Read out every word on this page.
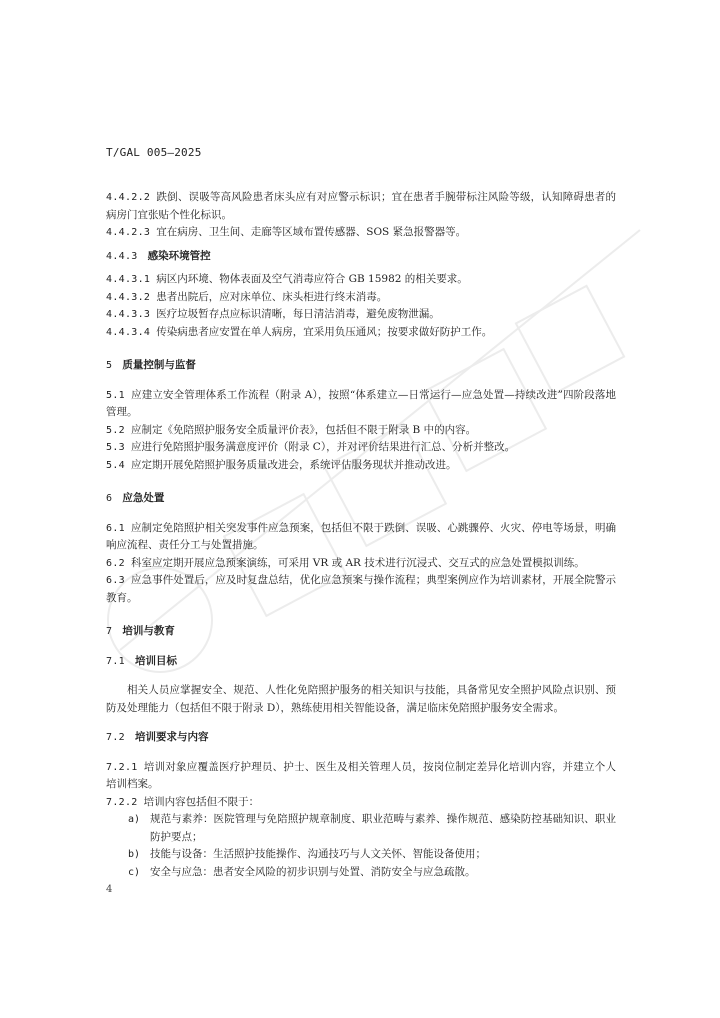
T/GAL 005—2025

4.4.2.2 跌倒、误吸等高风险患者床头应有对应警示标识；宜在患者手腕带标注风险等级，认知障碍患者的病房门宜张贴个性化标识。

4.4.2.3 宜在病房、卫生间、走廊等区域布置传感器、SOS 紧急报警器等。

4.4.3 感染环境管控

4.4.3.1 病区内环境、物体表面及空气消毒应符合 GB 15982 的相关要求。

4.4.3.2 患者出院后，应对床单位、床头柜进行终末消毒。

4.4.3.3 医疗垃圾暂存点应标识清晰，每日清洁消毒，避免废物泄漏。

4.4.3.4 传染病患者应安置在单人病房，宜采用负压通风；按要求做好防护工作。

5 质量控制与监督

5.1 应建立安全管理体系工作流程（附录 A），按照“体系建立—日常运行—应急处置—持续改进”四阶段落地管理。

5.2 应制定《免陪照护服务安全质量评价表》，包括但不限于附录 B 中的内容。

5.3 应进行免陪照护服务满意度评价（附录 C），并对评价结果进行汇总、分析并整改。

5.4 应定期开展免陪照护服务质量改进会，系统评估服务现状并推动改进。

6 应急处置

6.1 应制定免陪照护相关突发事件应急预案，包括但不限于跌倒、误吸、心跳骤停、火灾、停电等场景，明确响应流程、责任分工与处置措施。

6.2 科室应定期开展应急预案演练，可采用 VR 或 AR 技术进行沉浸式、交互式的应急处置模拟训练。

6.3 应急事件处置后，应及时复盘总结，优化应急预案与操作流程；典型案例应作为培训素材，开展全院警示教育。

7 培训与教育

7.1 培训目标

相关人员应掌握安全、规范、人性化免陪照护服务的相关知识与技能，具备常见安全照护风险点识别、预防及处理能力（包括但不限于附录 D），熟练使用相关智能设备，满足临床免陪照护服务安全需求。

7.2 培训要求与内容

7.2.1 培训对象应覆盖医疗护理员、护士、医生及相关管理人员，按岗位制定差异化培训内容，并建立个人培训档案。

7.2.2 培训内容包括但不限于：

a) 规范与素养：医院管理与免陪照护规章制度、职业范畴与素养、操作规范、感染防控基础知识、职业防护要点；
b) 技能与设备：生活照护技能操作、沟通技巧与人文关怀、智能设备使用；
c) 安全与应急：患者安全风险的初步识别与处置、消防安全与应急疏散。
4
